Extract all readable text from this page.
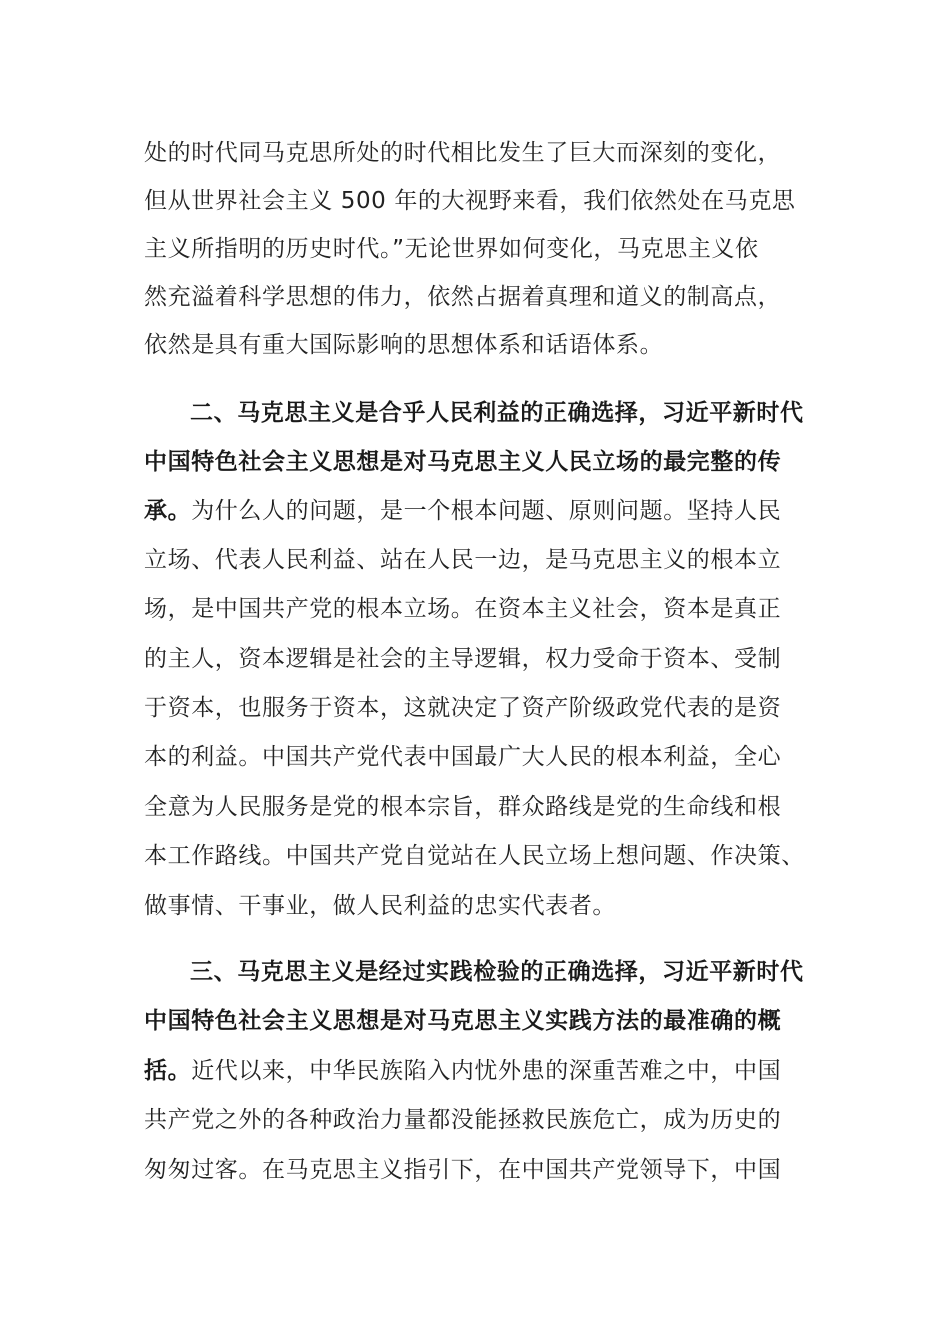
处的时代同马克思所处的时代相比发生了巨大而深刻的变化，
但从世界社会主义 500 年的大视野来看，我们依然处在马克思
主义所指明的历史时代。”无论世界如何变化，马克思主义依
然充溢着科学思想的伟力，依然占据着真理和道义的制高点，
依然是具有重大国际影响的思想体系和话语体系。
二、马克思主义是合乎人民利益的正确选择，习近平新时代
中国特色社会主义思想是对马克思主义人民立场的最完整的传
承。为什么人的问题，是一个根本问题、原则问题。坚持人民
立场、代表人民利益、站在人民一边，是马克思主义的根本立
场，是中国共产党的根本立场。在资本主义社会，资本是真正
的主人，资本逻辑是社会的主导逻辑，权力受命于资本、受制
于资本，也服务于资本，这就决定了资产阶级政党代表的是资
本的利益。中国共产党代表中国最广大人民的根本利益，全心
全意为人民服务是党的根本宗旨，群众路线是党的生命线和根
本工作路线。中国共产党自觉站在人民立场上想问题、作决策、
做事情、干事业，做人民利益的忠实代表者。
三、马克思主义是经过实践检验的正确选择，习近平新时代
中国特色社会主义思想是对马克思主义实践方法的最准确的概
括。近代以来，中华民族陷入内忧外患的深重苦难之中，中国
共产党之外的各种政治力量都没能拯救民族危亡，成为历史的
匆匆过客。在马克思主义指引下，在中国共产党领导下，中国
